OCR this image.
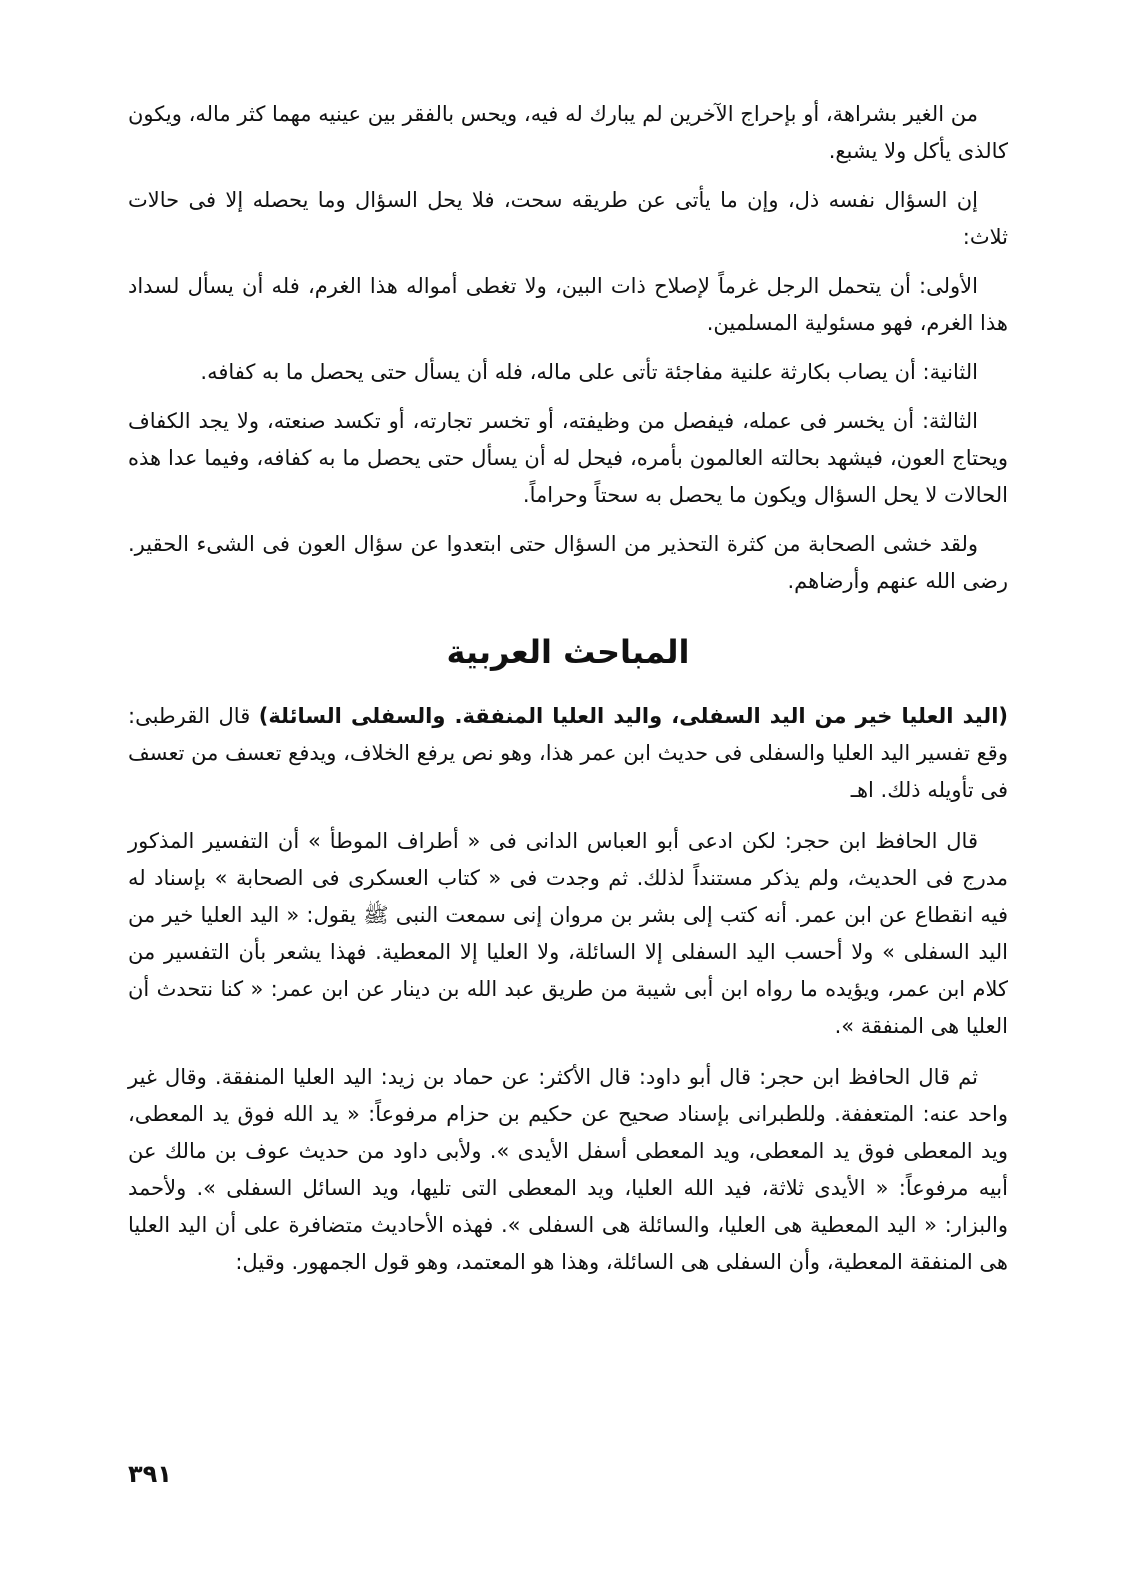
من الغير بشراهة، أو بإحراج الآخرين لم يبارك له فيه، ويحس بالفقر بين عينيه مهما كثر ماله، ويكون كالذى يأكل ولا يشبع.

إن السؤال نفسه ذل، وإن ما يأتى عن طريقه سحت، فلا يحل السؤال وما يحصله إلا فى حالات ثلاث:

الأولى: أن يتحمل الرجل غرماً لإصلاح ذات البين، ولا تغطى أمواله هذا الغرم، فله أن يسأل لسداد هذا الغرم، فهو مسئولية المسلمين.

الثانية: أن يصاب بكارثة علنية مفاجئة تأتى على ماله، فله أن يسأل حتى يحصل ما به كفافه.

الثالثة: أن يخسر فى عمله، فيفصل من وظيفته، أو تخسر تجارته، أو تكسد صنعته، ولا يجد الكفاف ويحتاج العون، فيشهد بحالته العالمون بأمره، فيحل له أن يسأل حتى يحصل ما به كفافه، وفيما عدا هذه الحالات لا يحل السؤال ويكون ما يحصل به سحتاً وحراماً.

ولقد خشى الصحابة من كثرة التحذير من السؤال حتى ابتعدوا عن سؤال العون فى الشىء الحقير. رضى الله عنهم وأرضاهم.

المباحث العربية

(اليد العليا خير من اليد السفلى، واليد العليا المنفقة. والسفلى السائلة) قال القرطبى: وقع تفسير اليد العليا والسفلى فى حديث ابن عمر هذا، وهو نص يرفع الخلاف، ويدفع تعسف من تعسف فى تأويله ذلك. اهـ

قال الحافظ ابن حجر: لكن ادعى أبو العباس الدانى فى « أطراف الموطأ » أن التفسير المذكور مدرج فى الحديث، ولم يذكر مستنداً لذلك. ثم وجدت فى « كتاب العسكرى فى الصحابة » بإسناد له فيه انقطاع عن ابن عمر. أنه كتب إلى بشر بن مروان إنى سمعت النبى ﷺ يقول: « اليد العليا خير من اليد السفلى » ولا أحسب اليد السفلى إلا السائلة، ولا العليا إلا المعطية. فهذا يشعر بأن التفسير من كلام ابن عمر، ويؤيده ما رواه ابن أبى شيبة من طريق عبد الله بن دينار عن ابن عمر: « كنا نتحدث أن العليا هى المنفقة ».

ثم قال الحافظ ابن حجر: قال أبو داود: قال الأكثر: عن حماد بن زيد: اليد العليا المنفقة. وقال غير واحد عنه: المتعففة. وللطبرانى بإسناد صحيح عن حكيم بن حزام مرفوعاً: « يد الله فوق يد المعطى، ويد المعطى فوق يد المعطى، ويد المعطى أسفل الأيدى ». ولأبى داود من حديث عوف بن مالك عن أبيه مرفوعاً: « الأيدى ثلاثة، فيد الله العليا، ويد المعطى التى تليها، ويد السائل السفلى ». ولأحمد والبزار: « اليد المعطية هى العليا، والسائلة هى السفلى ». فهذه الأحاديث متضافرة على أن اليد العليا هى المنفقة المعطية، وأن السفلى هى السائلة، وهذا هو المعتمد، وهو قول الجمهور. وقيل:

٣٩١
